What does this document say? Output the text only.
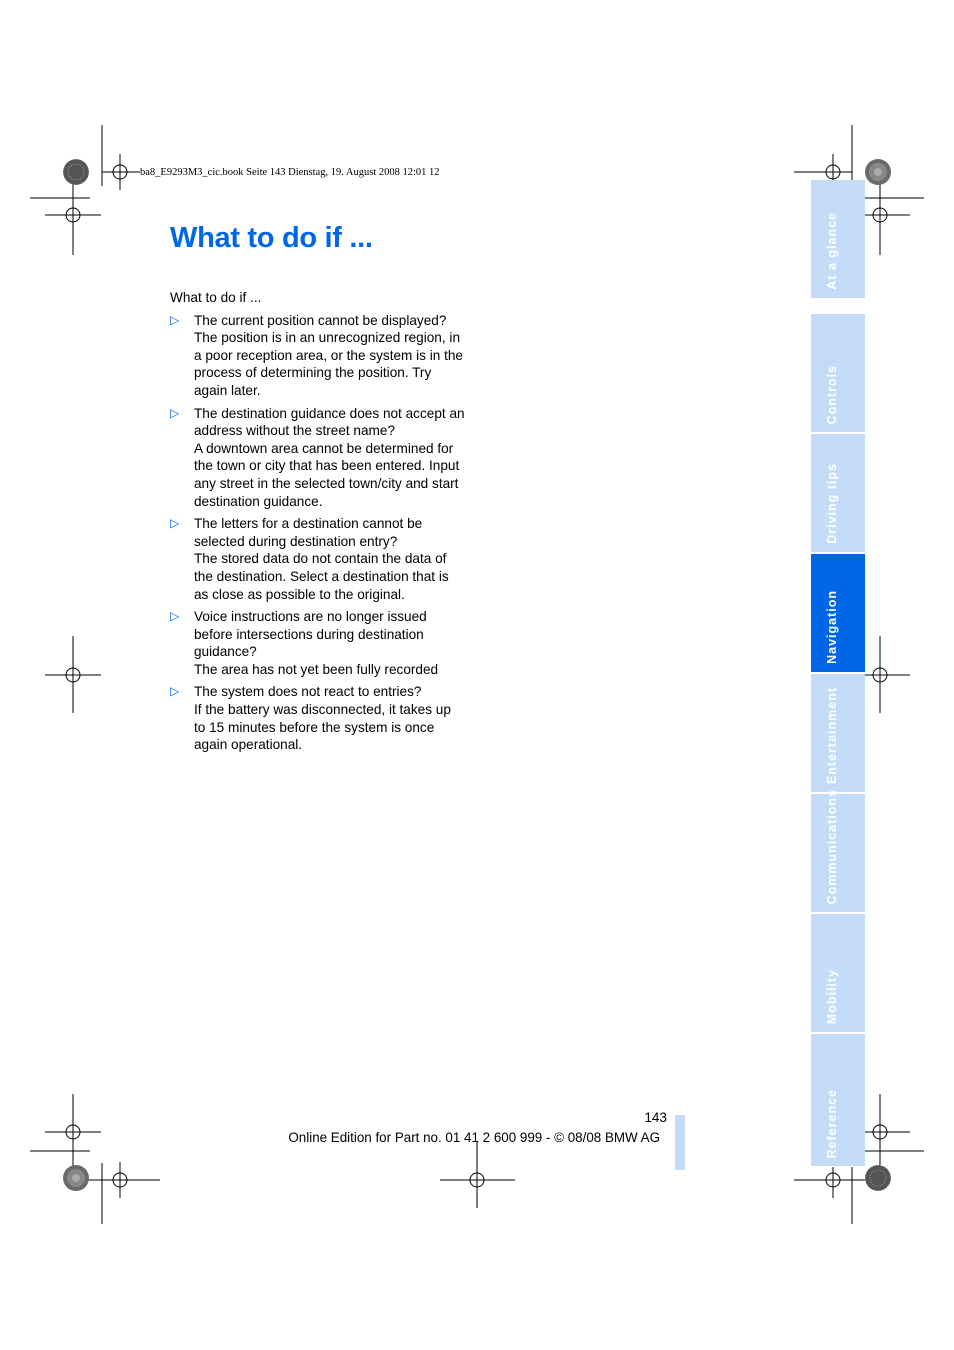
ba8_E9293M3_cic.book Seite 143 Dienstag, 19. August 2008 12:01 12
What to do if ...

What to do if ...

▷ The current position cannot be displayed?
The position is in an unrecognized region, in a poor reception area, or the system is in the process of determining the position. Try again later.
▷ The destination guidance does not accept an address without the street name?
A downtown area cannot be determined for the town or city that has been entered. Input any street in the selected town/city and start destination guidance.
▷ The letters for a destination cannot be selected during destination entry?
The stored data do not contain the data of the destination. Select a destination that is as close as possible to the original.
▷ Voice instructions are no longer issued before intersections during destination guidance?
The area has not yet been fully recorded
▷ The system does not react to entries?
If the battery was disconnected, it takes up to 15 minutes before the system is once again operational.
At a glance
Controls
Driving tips
Navigation
Entertainment
Communications
Mobility
Reference
143
Online Edition for Part no. 01 41 2 600 999 - © 08/08 BMW AG
